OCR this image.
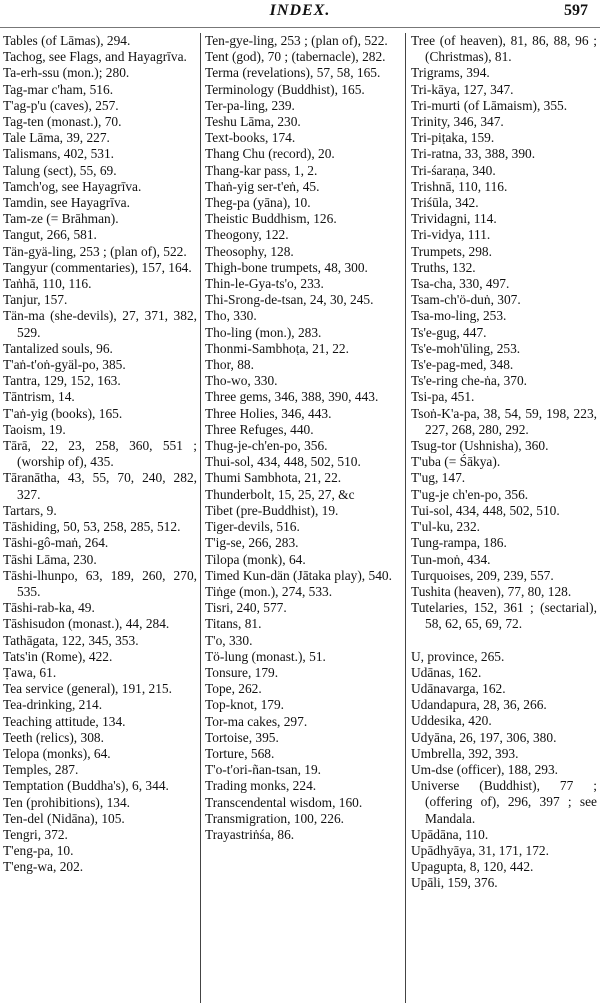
INDEX.	597

Tables (of Lāmas), 294.

Tachog, see Flags, and Hayagrīva.

Ta-erh-ssu (mon.); 280.

Tag-mar c'ham, 516.

T'ag-p'u (caves), 257.

Tag-ten (monast.), 70.

Tale Lāma, 39, 227.

Talismans, 402, 531.

Talung (sect), 55, 69.

Tamch'og, see Hayagrīva.

Tamdin, see Hayagrīva.

Tam-ze (= Brāhman).

Tangut, 266, 581.

Tän-gyä-ling, 253 ; (plan of), 522.

Tangyur (commentaries), 157, 164.

Taṅhā, 110, 116.

Tanjur, 157.

Tän-ma (she-devils), 27, 371, 382, 529.

Tantalized souls, 96.

T'aṅ-t'oṅ-gyäl-po, 385.

Tantra, 129, 152, 163.

Tāntrism, 14.

T'aṅ-yig (books), 165.

Taoism, 19.

Tārā, 22, 23, 258, 360, 551 ; (worship of), 435.

Tāranātha, 43, 55, 70, 240, 282, 327.

Tartars, 9.

Tāshiding, 50, 53, 258, 285, 512.

Tāshi-gô-maṅ, 264.

Tāshi Lāma, 230.

Tāshi-lhunpo, 63, 189, 260, 270, 535.

Tāshi-rab-ka, 49.

Tāshisudon (monast.), 44, 284.

Tathāgata, 122, 345, 353.

Tats'in (Rome), 422.

Ṭawa, 61.

Tea service (general), 191, 215.

Tea-drinking, 214.

Teaching attitude, 134.

Teeth (relics), 308.

Telopa (monks), 64.

Temples, 287.

Temptation (Buddha's), 6, 344.

Ten (prohibitions), 134.

Ten-del (Nidāna), 105.

Tengri, 372.

T'eng-pa, 10.

T'eng-wa, 202.

Ten-gye-ling, 253 ; (plan of), 522.

Tent (god), 70 ; (tabernacle), 282.

Terma (revelations), 57, 58, 165.

Terminology (Buddhist), 165.

Ter-pa-ling, 239.

Teshu Lāma, 230.

Text-books, 174.

Thang Chu (record), 20.

Thang-kar pass, 1, 2.

Thaṅ-yig ser-t'eṅ, 45.

Theg-pa (yāna), 10.

Theistic Buddhism, 126.

Theogony, 122.

Theosophy, 128.

Thigh-bone trumpets, 48, 300.

Thin-le-Gya-ts'o, 233.

Thi-Srong-de-tsan, 24, 30, 245.

Tho, 330.

Tho-ling (mon.), 283.

Thonmi-Sambhoṭa, 21, 22.

Thor, 88.

Tho-wo, 330.

Three gems, 346, 388, 390, 443.

Three Holies, 346, 443.

Three Refuges, 440.

Thug-je-ch'en-po, 356.

Thui-sol, 434, 448, 502, 510.

Thumi Sambhota, 21, 22.

Thunderbolt, 15, 25, 27, &c

Tibet (pre-Buddhist), 19.

Tiger-devils, 516.

T'ig-se, 266, 283.

Tilopa (monk), 64.

Timed Kun-dän (Jātaka play), 540.

Tiṅge (mon.), 274, 533.

Tisri, 240, 577.

Titans, 81.

T'o, 330.

Tö-lung (monast.), 51.

Tonsure, 179.

Tope, 262.

Top-knot, 179.

Tor-ma cakes, 297.

Tortoise, 395.

Torture, 568.

T'o-t'ori-ñan-tsan, 19.

Trading monks, 224.

Transcendental wisdom, 160.

Transmigration, 100, 226.

Trayastriṅśa, 86.

Tree (of heaven), 81, 86, 88, 96 ; (Christmas), 81.

Trigrams, 394.

Tri-kāya, 127, 347.

Tri-murti (of Lāmaism), 355.

Trinity, 346, 347.

Tri-piṭaka, 159.

Tri-ratna, 33, 388, 390.

Tri-śaraṇa, 340.

Trishnā, 110, 116.

Triśūla, 342.

Trividagni, 114.

Tri-vidya, 111.

Trumpets, 298.

Truths, 132.

Tsa-cha, 330, 497.

Tsam-ch'ö-duṅ, 307.

Tsa-mo-ling, 253.

Ts'e-gug, 447.

Ts'e-moh'ūling, 253.

Ts'e-pag-med, 348.

Ts'e-ring che-ṅa, 370.

Tsi-pa, 451.

Tsoṅ-K'a-pa, 38, 54, 59, 198, 223, 227, 268, 280, 292.

Tsug-tor (Ushnisha), 360.

T'uba (= Śākya).

T'ug, 147.

T'ug-je ch'en-po, 356.

Tui-sol, 434, 448, 502, 510.

T'ul-ku, 232.

Tung-rampa, 186.

Tun-moṅ, 434.

Turquoises, 209, 239, 557.

Tushita (heaven), 77, 80, 128.

Tutelaries, 152, 361 ; (sectarial), 58, 62, 65, 69, 72.

U, province, 265.

Udānas, 162.

Udānavarga, 162.

Udandapura, 28, 36, 266.

Uddesika, 420.

Udyāna, 26, 197, 306, 380.

Umbrella, 392, 393.

Um-dse (officer), 188, 293.

Universe (Buddhist), 77 ; (offering of), 296, 397 ; see Mandala.

Upādāna, 110.

Upādhyāya, 31, 171, 172.

Upagupta, 8, 120, 442.

Upāli, 159, 376.
